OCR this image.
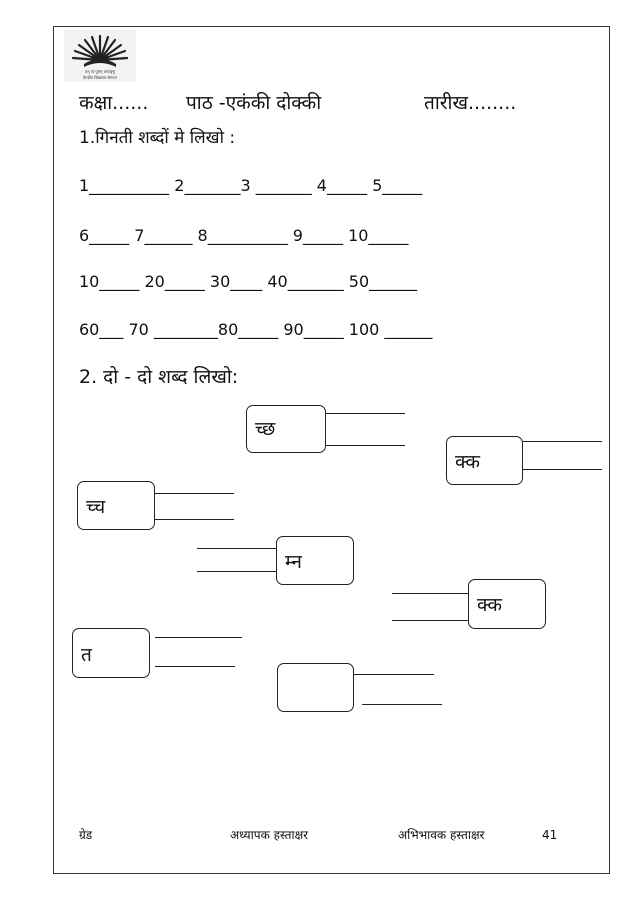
तत् त्वं पूषन् अपावृणु
केन्द्रीय विद्यालय संगठन
कक्षा...... पाठ -एकंकी दोक्की	तारीख........
1.गिनती शब्दों मे लिखो :
1__________ 2_______3 _______ 4_____ 5_____
6_____ 7______ 8__________ 9_____ 10_____
10_____ 20_____ 30____ 40_______ 50______
60___ 70 ________80_____ 90_____ 100 ______
2. दो - दो शब्द लिखो:
च्छ
क्क
च्च
म्न
क्क
त
ग्रेड	अध्यापक हस्ताक्षर	अभिभावक हस्ताक्षर	41
